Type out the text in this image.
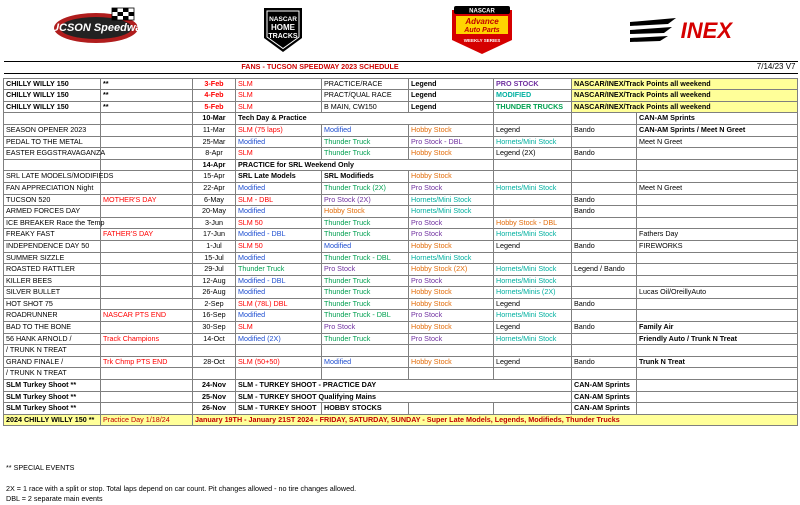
TUCSON Speedway
NASCAR
HOME
TRACKS
NASCAR
Advance
Auto Parts
WEEKLY SERIES	INEX
FANS - TUCSON SPEEDWAY 2023 SCHEDULE								7/14/23 V7

CHILLY WILLY 150	**	3-Feb	SLM	PRACTICE/RACE	Legend	PRO STOCK	NASCAR/INEX/Track Points all weekend	
CHILLY WILLY 150	**	4-Feb	SLM	PRACT/QUAL RACE	Legend	MODIFIED	NASCAR/INEX/Track Points all weekend	
CHILLY WILLY 150	**	5-Feb	SLM	B MAIN, CW150	Legend	THUNDER TRUCKS	NASCAR/INEX/Track Points all weekend	
		10-Mar	Tech Day & Practice					CAN-AM Sprints
SEASON OPENER 2023		11-Mar	SLM (75 laps)	Modified	Hobby Stock	Legend	Bando	CAN-AM Sprints / Meet N Greet
PEDAL TO THE METAL		25-Mar	Modified	Thunder Truck	Pro Stock - DBL	Hornets/Mini Stock		Meet N Greet
EASTER EGGSTRAVAGANZA		8-Apr	SLM	Thunder Truck	Hobby Stock	Legend (2X)	Bando	
		14-Apr	PRACTICE for SRL Weekend Only					
SRL LATE MODELS/MODIFIEDS		15-Apr	SRL Late Models	SRL Modifieds	Hobby Stock			
FAN APPRECIATION Night		22-Apr	Modified	Thunder Truck (2X)	Pro Stock	Hornets/Mini Stock		Meet N Greet
TUCSON 520	MOTHER'S DAY	6-May	SLM - DBL	Pro Stock (2X)	Hornets/Mini Stock		Bando	
ARMED FORCES DAY		20-May	Modified	Hobby Stock	Hornets/Mini Stock		Bando	
ICE BREAKER Race the Temp		3-Jun	SLM 50	Thunder Truck	Pro Stock	Hobby Stock - DBL		
FREAKY FAST	FATHER'S DAY	17-Jun	Modified - DBL	Thunder Truck	Pro Stock	Hornets/Mini Stock		Fathers Day
INDEPENDENCE DAY 50		1-Jul	SLM 50	Modified	Hobby Stock	Legend	Bando	FIREWORKS
SUMMER SIZZLE		15-Jul	Modified	Thunder Truck - DBL	Hornets/Mini Stock			
ROASTED RATTLER		29-Jul	Thunder Truck	Pro Stock	Hobby Stock (2X)	Hornets/Mini Stock	Legend / Bando	
KILLER BEES		12-Aug	Modified - DBL	Thunder Truck	Pro Stock	Hornets/Mini Stock		
SILVER BULLET		26-Aug	Modified	Thunder Truck	Hobby Stock	Hornets/Minis (2X)		Lucas Oil/OreillyAuto
HOT SHOT 75		2-Sep	SLM (78L) DBL	Thunder Truck	Hobby Stock	Legend	Bando	
ROADRUNNER	NASCAR PTS END	16-Sep	Modified	Thunder Truck - DBL	Pro Stock	Hornets/Mini Stock		
BAD TO THE BONE		30-Sep	SLM	Pro Stock	Hobby Stock	Legend	Bando	Family Air
56 HANK ARNOLD /	Track Champions	14-Oct	Modified (2X)	Thunder Truck	Pro Stock	Hornets/Mini Stock		Friendly Auto / Trunk N Treat
/ TRUNK N TREAT								
GRAND FINALE /	Trk Chmp PTS END	28-Oct	SLM (50+50)	Modified	Hobby Stock	Legend	Bando	Trunk N Treat
/ TRUNK N TREAT								
SLM Turkey Shoot **		24-Nov	SLM - TURKEY SHOOT - PRACTICE DAY				CAN-AM Sprints	
SLM Turkey Shoot **		25-Nov	SLM - TURKEY SHOOT Qualifying Mains				CAN-AM Sprints	
SLM Turkey Shoot **		26-Nov	SLM - TURKEY SHOOT	HOBBY STOCKS			CAN-AM Sprints	
2024 CHILLY WILLY 150 **	Practice Day 1/18/24	January 19TH - January 21ST 2024 - FRIDAY, SATURDAY, SUNDAY - Super Late Models, Legends, Modifieds, Thunder Trucks						
** SPECIAL EVENTS
2X = 1 race with a split or stop. Total laps depend on car count. Pit changes allowed - no tire changes allowed.
DBL = 2 separate main events
